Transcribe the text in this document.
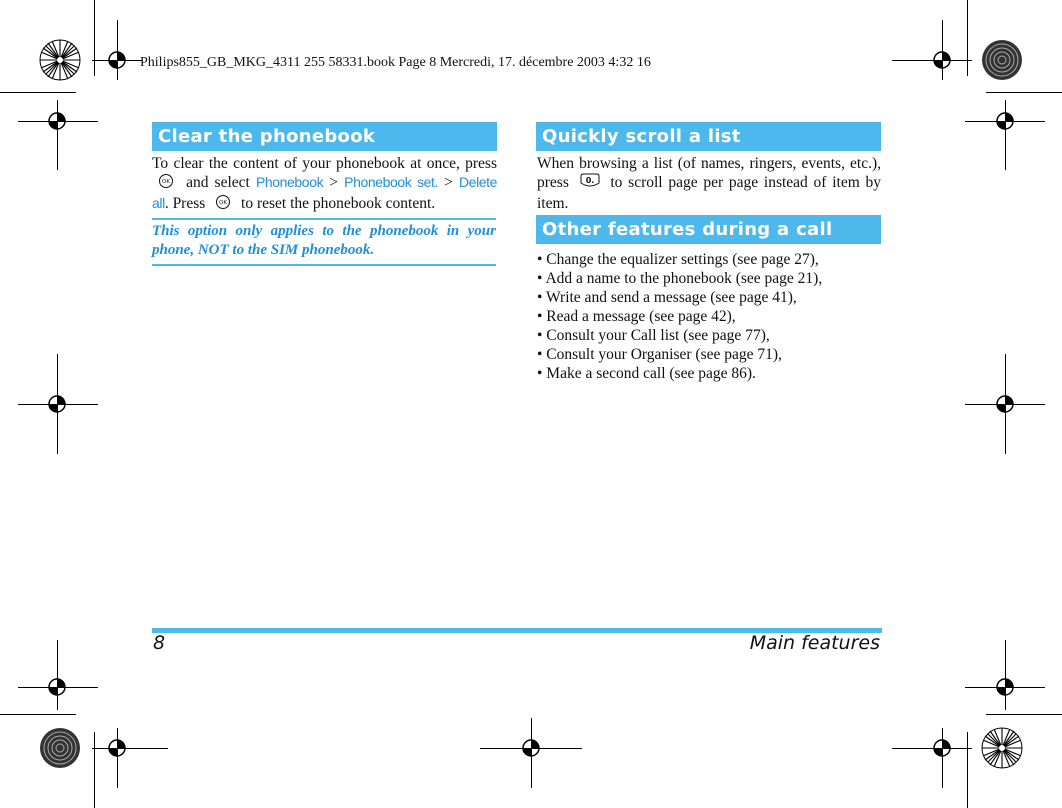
Philips855_GB_MKG_4311 255 58331.book Page 8 Mercredi, 17. décembre 2003 4:32 16
Clear the phonebook
To clear the content of your phonebook at once, press
OK and select Phonebook > Phonebook set. > Delete all. Press	OK to reset the phonebook content.
This option only applies to the phonebook in your phone, NOT to the SIM phonebook.
Quickly scroll a list
When browsing a list (of names, ringers, events, etc.), press 0. to scroll page per page instead of item by item.
Other features during a call
• Change the equalizer settings (see page 27),
• Add a name to the phonebook (see page 21),
• Write and send a message (see page 41),
• Read a message (see page 42),
• Consult your Call list (see page 77),
• Consult your Organiser (see page 71),
• Make a second call (see page 86).
8	Main features
